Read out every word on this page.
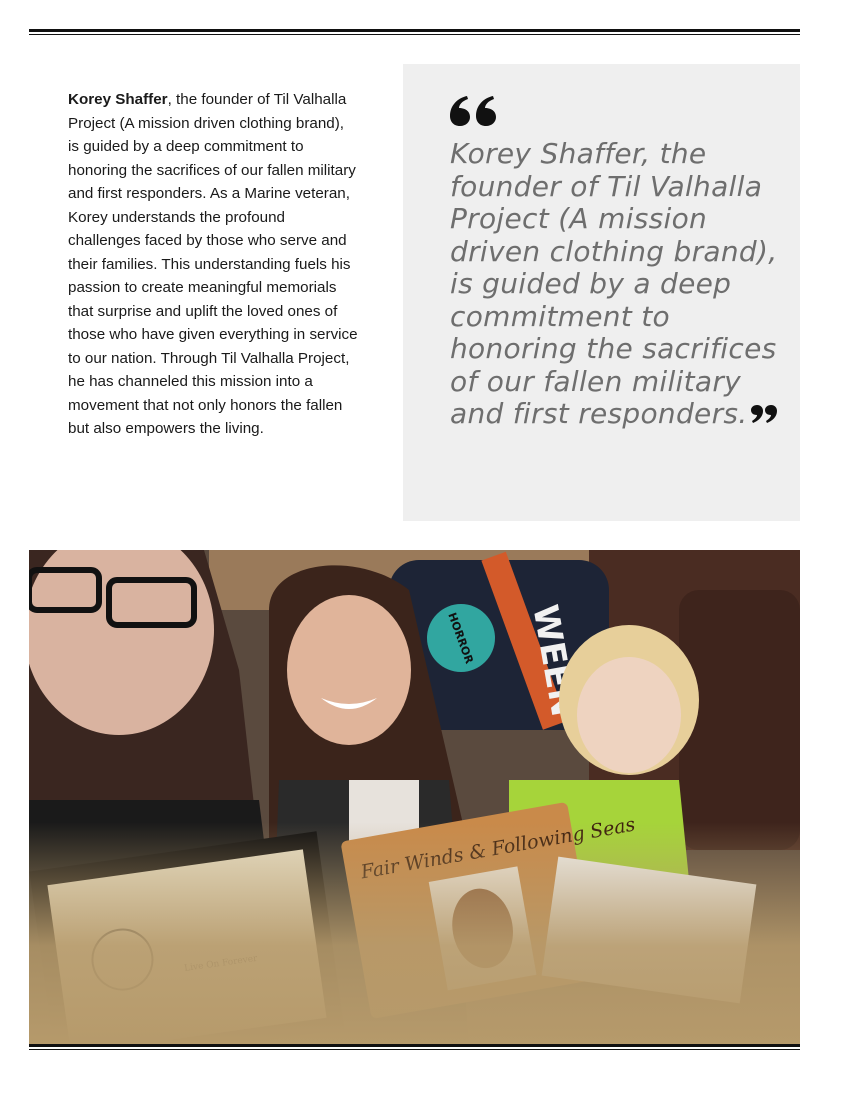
Korey Shaffer, the founder of Til Valhalla Project (A mission driven clothing brand), is guided by a deep commitment to honoring the sacrifices of our fallen military and first responders. As a Marine veteran, Korey understands the profound challenges faced by those who serve and their families. This understanding fuels his passion to create meaningful memorials that surprise and uplift the loved ones of those who have given everything in service to our nation. Through Til Valhalla Project, he has channeled this mission into a movement that not only honors the fallen but also empowers the living.
Korey Shaffer, the founder of Til Valhalla Project (A mission driven clothing brand), is guided by a deep commitment to honoring the sacrifices of our fallen military and first responders.
